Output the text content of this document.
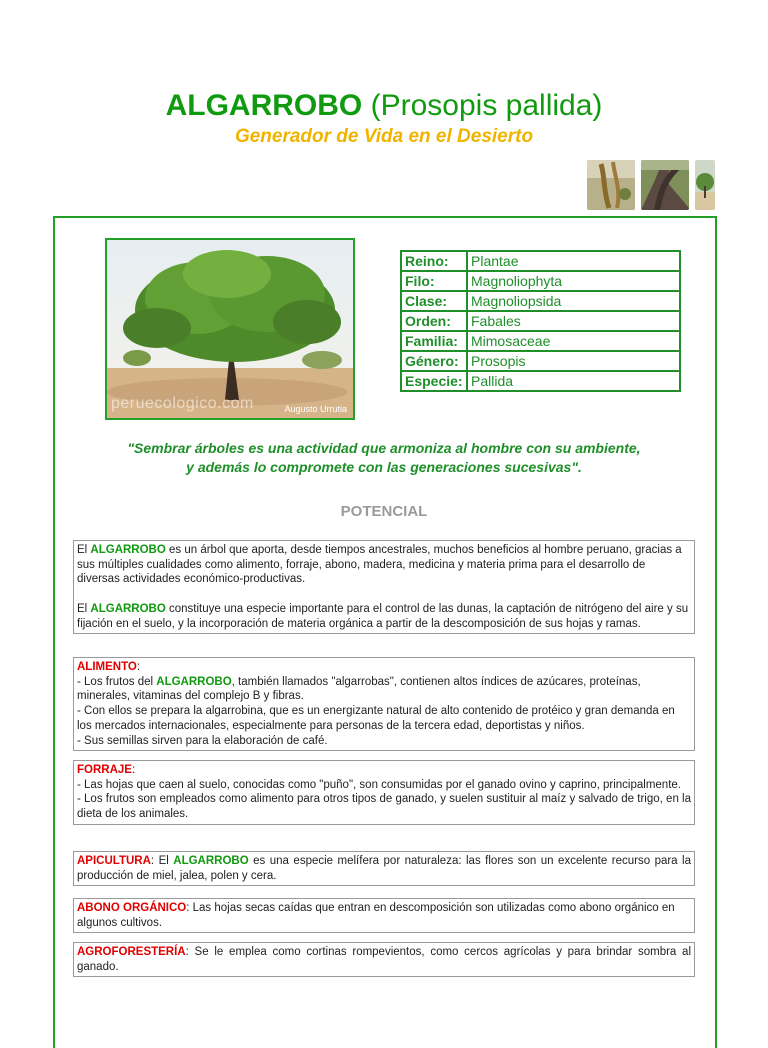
ALGARROBO (Prosopis pallida)
Generador de Vida en el Desierto
peruecologico.com	Augusto Urrutia
Reino:	Plantae
Filo:	Magnoliophyta
Clase:	Magnoliopsida
Orden:	Fabales
Familia:	Mimosaceae
Género:	Prosopis
Especie:	Pallida
"Sembrar árboles es una actividad que armoniza al hombre con su ambiente,
y además lo compromete con las generaciones sucesivas".
POTENCIAL

El ALGARROBO es un árbol que aporta, desde tiempos ancestrales, muchos beneficios al hombre peruano, gracias a sus múltiples cualidades como alimento, forraje, abono, madera, medicina y materia prima para el desarrollo de diversas actividades económico-productivas.

El ALGARROBO constituye una especie importante para el control de las dunas, la captación de nitrógeno del aire y su fijación en el suelo, y la incorporación de materia orgánica a partir de la descomposición de sus hojas y ramas.

ALIMENTO:

- Los frutos del ALGARROBO, también llamados "algarrobas", contienen altos índices de azúcares, proteínas, minerales, vitaminas del complejo B y fibras.

- Con ellos se prepara la algarrobina, que es un energizante natural de alto contenido de protéico y gran demanda en los mercados internacionales, especialmente para personas de la tercera edad, deportistas y niños.

- Sus semillas sirven para la elaboración de café.

FORRAJE:

- Las hojas que caen al suelo, conocidas como "puño", son consumidas por el ganado ovino y caprino, principalmente.

- Los frutos son empleados como alimento para otros tipos de ganado, y suelen sustituir al maíz y salvado de trigo, en la dieta de los animales.

APICULTURA: El ALGARROBO es una especie melífera por naturaleza: las flores son un excelente recurso para la producción de miel, jalea, polen y cera.

ABONO ORGÁNICO: Las hojas secas caídas que entran en descomposición son utilizadas como abono orgánico en algunos cultivos.

AGROFORESTERÍA: Se le emplea como cortinas rompevientos, como cercos agrícolas y para brindar sombra al ganado.
